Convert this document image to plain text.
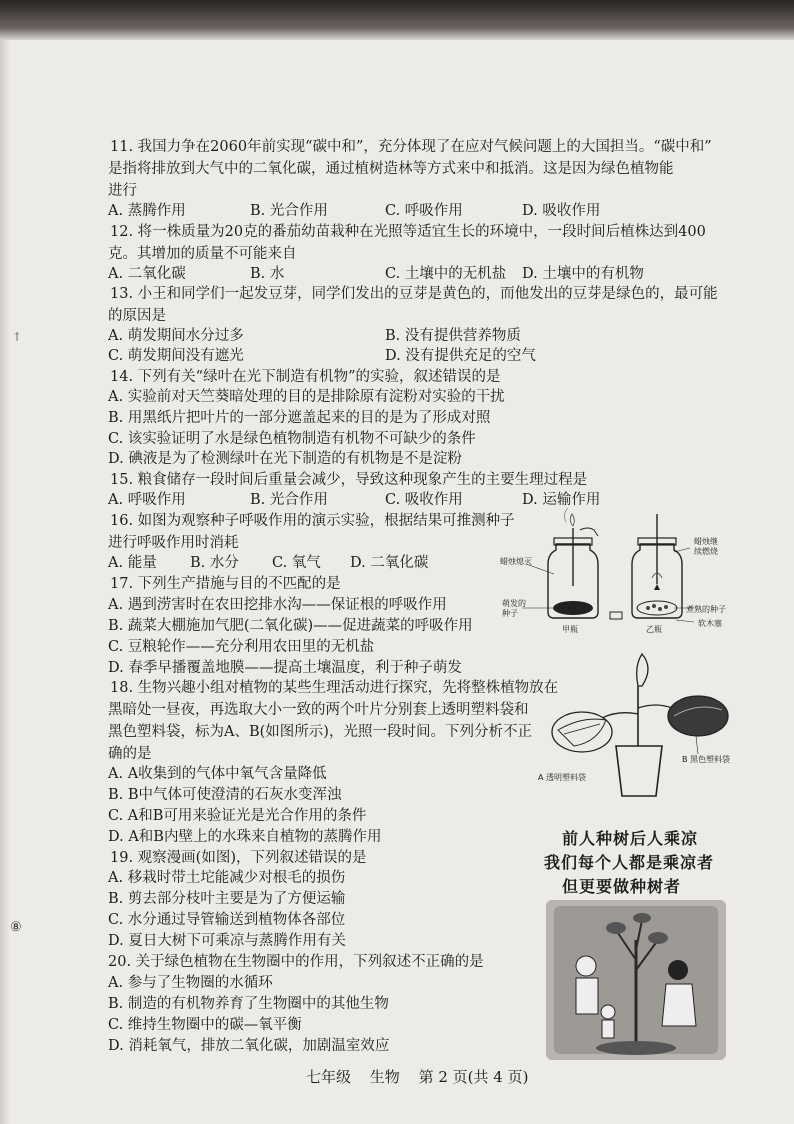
↑
⑧
11. 我国力争在2060年前实现“碳中和”，充分体现了在应对气候问题上的大国担当。“碳中和”
是指将排放到大气中的二氧化碳，通过植树造林等方式来中和抵消。这是因为绿色植物能
进行
A. 蒸腾作用	B. 光合作用	C. 呼吸作用	D. 吸收作用
12. 将一株质量为20克的番茄幼苗栽种在光照等适宜生长的环境中，一段时间后植株达到400
克。其增加的质量不可能来自
A. 二氧化碳	B. 水	C. 土壤中的无机盐 D. 土壤中的有机物
13. 小王和同学们一起发豆芽，同学们发出的豆芽是黄色的，而他发出的豆芽是绿色的，最可能
的原因是
A. 萌发期间水分过多	B. 没有提供营养物质
C. 萌发期间没有遮光	D. 没有提供充足的空气
14. 下列有关“绿叶在光下制造有机物”的实验，叙述错误的是
A. 实验前对天竺葵暗处理的目的是排除原有淀粉对实验的干扰
B. 用黑纸片把叶片的一部分遮盖起来的目的是为了形成对照
C. 该实验证明了水是绿色植物制造有机物不可缺少的条件
D. 碘液是为了检测绿叶在光下制造的有机物是不是淀粉
15. 粮食储存一段时间后重量会减少，导致这种现象产生的主要生理过程是
A. 呼吸作用	B. 光合作用	C. 吸收作用	D. 运输作用
16. 如图为观察种子呼吸作用的演示实验，根据结果可推测种子
进行呼吸作用时消耗
A. 能量 B. 水分 C. 氧气 D. 二氧化碳	蜡烛熄灭
萌发的
种子
蜡烛继
续燃烧
煮熟的种子
软木塞
甲瓶	乙瓶
17. 下列生产措施与目的不匹配的是
A. 遇到涝害时在农田挖排水沟——保证根的呼吸作用
B. 蔬菜大棚施加气肥(二氧化碳)——促进蔬菜的呼吸作用
C. 豆粮轮作——充分利用农田里的无机盐
D. 春季早播覆盖地膜——提高土壤温度，利于种子萌发
18. 生物兴趣小组对植物的某些生理活动进行探究，先将整株植物放在
黑暗处一昼夜，再选取大小一致的两个叶片分别套上透明塑料袋和
黑色塑料袋，标为A、B(如图所示)，光照一段时间。下列分析不正
确的是
A. A收集到的气体中氧气含量降低
B. B中气体可使澄清的石灰水变浑浊
C. A和B可用来验证光是光合作用的条件
D. A和B内壁上的水珠来自植物的蒸腾作用
A 透明塑料袋
B 黑色塑料袋
19. 观察漫画(如图)，下列叙述错误的是
A. 移栽时带土坨能减少对根毛的损伤
B. 剪去部分枝叶主要是为了方便运输
C. 水分通过导管输送到植物体各部位
D. 夏日大树下可乘凉与蒸腾作用有关
前人种树后人乘凉
我们每个人都是乘凉者
但更要做种树者
20. 关于绿色植物在生物圈中的作用，下列叙述不正确的是
A. 参与了生物圈的水循环
B. 制造的有机物养育了生物圈中的其他生物
C. 维持生物圈中的碳—氧平衡
D. 消耗氧气，排放二氧化碳，加剧温室效应
七年级 生物 第 2 页(共 4 页)
